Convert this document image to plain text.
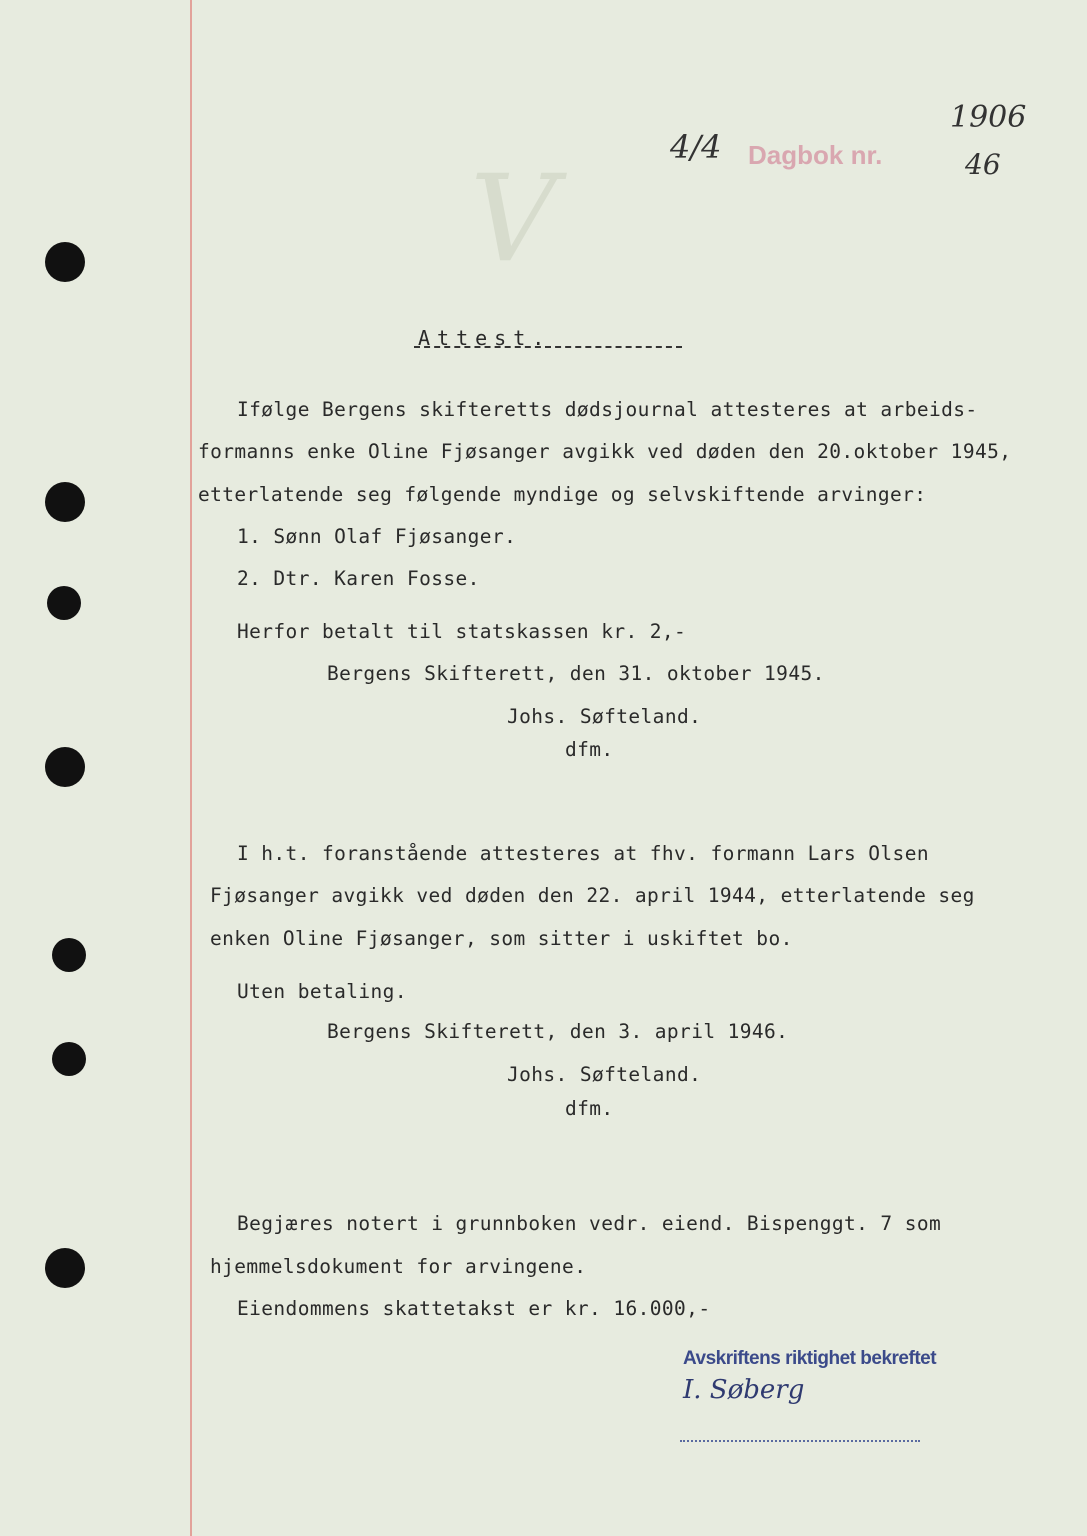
V
4/4 Dagbok nr.
1906
46
Attest.
Ifølge Bergens skifteretts dødsjournal attesteres at arbeids-
formanns enke Oline Fjøsanger avgikk ved døden den 20.oktober 1945,
etterlatende seg følgende myndige og selvskiftende arvinger:
1. Sønn Olaf Fjøsanger.
2. Dtr. Karen Fosse.
Herfor betalt til statskassen kr. 2,-
Bergens Skifterett, den 31. oktober 1945.
Johs. Søfteland.
dfm.
I h.t. foranstående attesteres at fhv. formann Lars Olsen
Fjøsanger avgikk ved døden den 22. april 1944, etterlatende seg
enken Oline Fjøsanger, som sitter i uskiftet bo.
Uten betaling.
Bergens Skifterett, den 3. april 1946.
Johs. Søfteland.
dfm.
Begjæres notert i grunnboken vedr. eiend. Bispenggt. 7 som
hjemmelsdokument for arvingene.
Eiendommens skattetakst er kr. 16.000,-
Avskriftens riktighet bekreftet
I. Søberg
